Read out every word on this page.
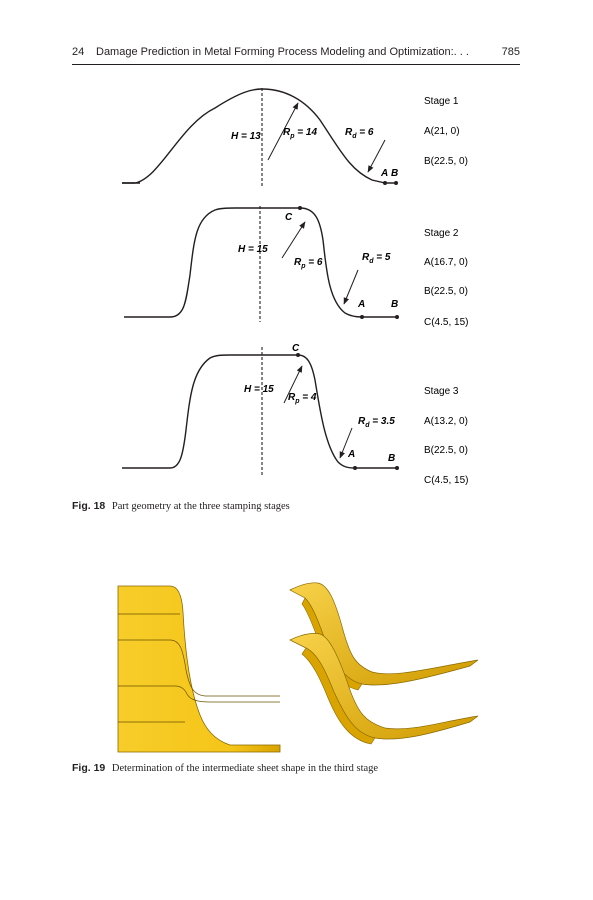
24 Damage Prediction in Metal Forming Process Modeling and Optimization:. . .	785
H = 13 $R_p = 14$	$R_d = 6$
A B
Stage 1
A(21, 0)
B(22.5, 0)
H = 15
$R_p = 6$	$R_d = 5$
C
A	B
Stage 2
A(16.7, 0)
B(22.5, 0)
C(4.5, 15)
H = 15
$R_p = 4$
$R_d = 3.5$
C
A	B
Stage 3
A(13.2, 0)
B(22.5, 0)
C(4.5, 15)
Fig. 18 Part geometry at the three stamping stages
Fig. 19 Determination of the intermediate sheet shape in the third stage
